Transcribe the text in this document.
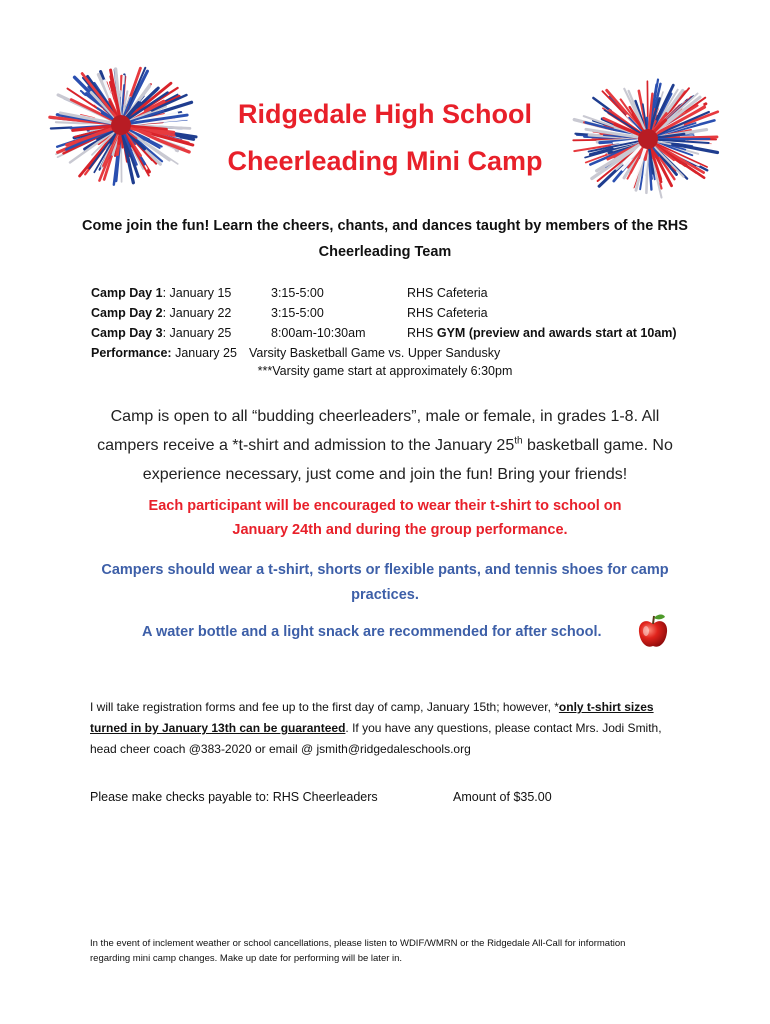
Ridgedale High School
Cheerleading Mini Camp
Come join the fun! Learn the cheers, chants, and dances taught by members of the RHS Cheerleading Team
Camp Day 1: January 15	3:15-5:00	RHS Cafeteria
Camp Day 2: January 22	3:15-5:00	RHS Cafeteria
Camp Day 3: January 25	8:00am-10:30am	RHS GYM (preview and awards start at 10am)
Performance: January 25 Varsity Basketball Game vs. Upper Sandusky
***Varsity game start at approximately 6:30pm
Camp is open to all “budding cheerleaders”, male or female, in grades 1-8. All campers receive a *t-shirt and admission to the January 25th basketball game. No experience necessary, just come and join the fun! Bring your friends!
Each participant will be encouraged to wear their t-shirt to school on
January 24th and during the group performance.
Campers should wear a t-shirt, shorts or flexible pants, and tennis shoes for camp practices.
A water bottle and a light snack are recommended for after school.
I will take registration forms and fee up to the first day of camp, January 15th; however, *only t-shirt sizes turned in by January 13th can be guaranteed. If you have any questions, please contact Mrs. Jodi Smith, head cheer coach @383-2020 or email @ jsmith@ridgedaleschools.org
Please make checks payable to: RHS Cheerleaders	Amount of $35.00
In the event of inclement weather or school cancellations, please listen to WDIF/WMRN or the Ridgedale All-Call for information regarding mini camp changes. Make up date for performing will be later in.
